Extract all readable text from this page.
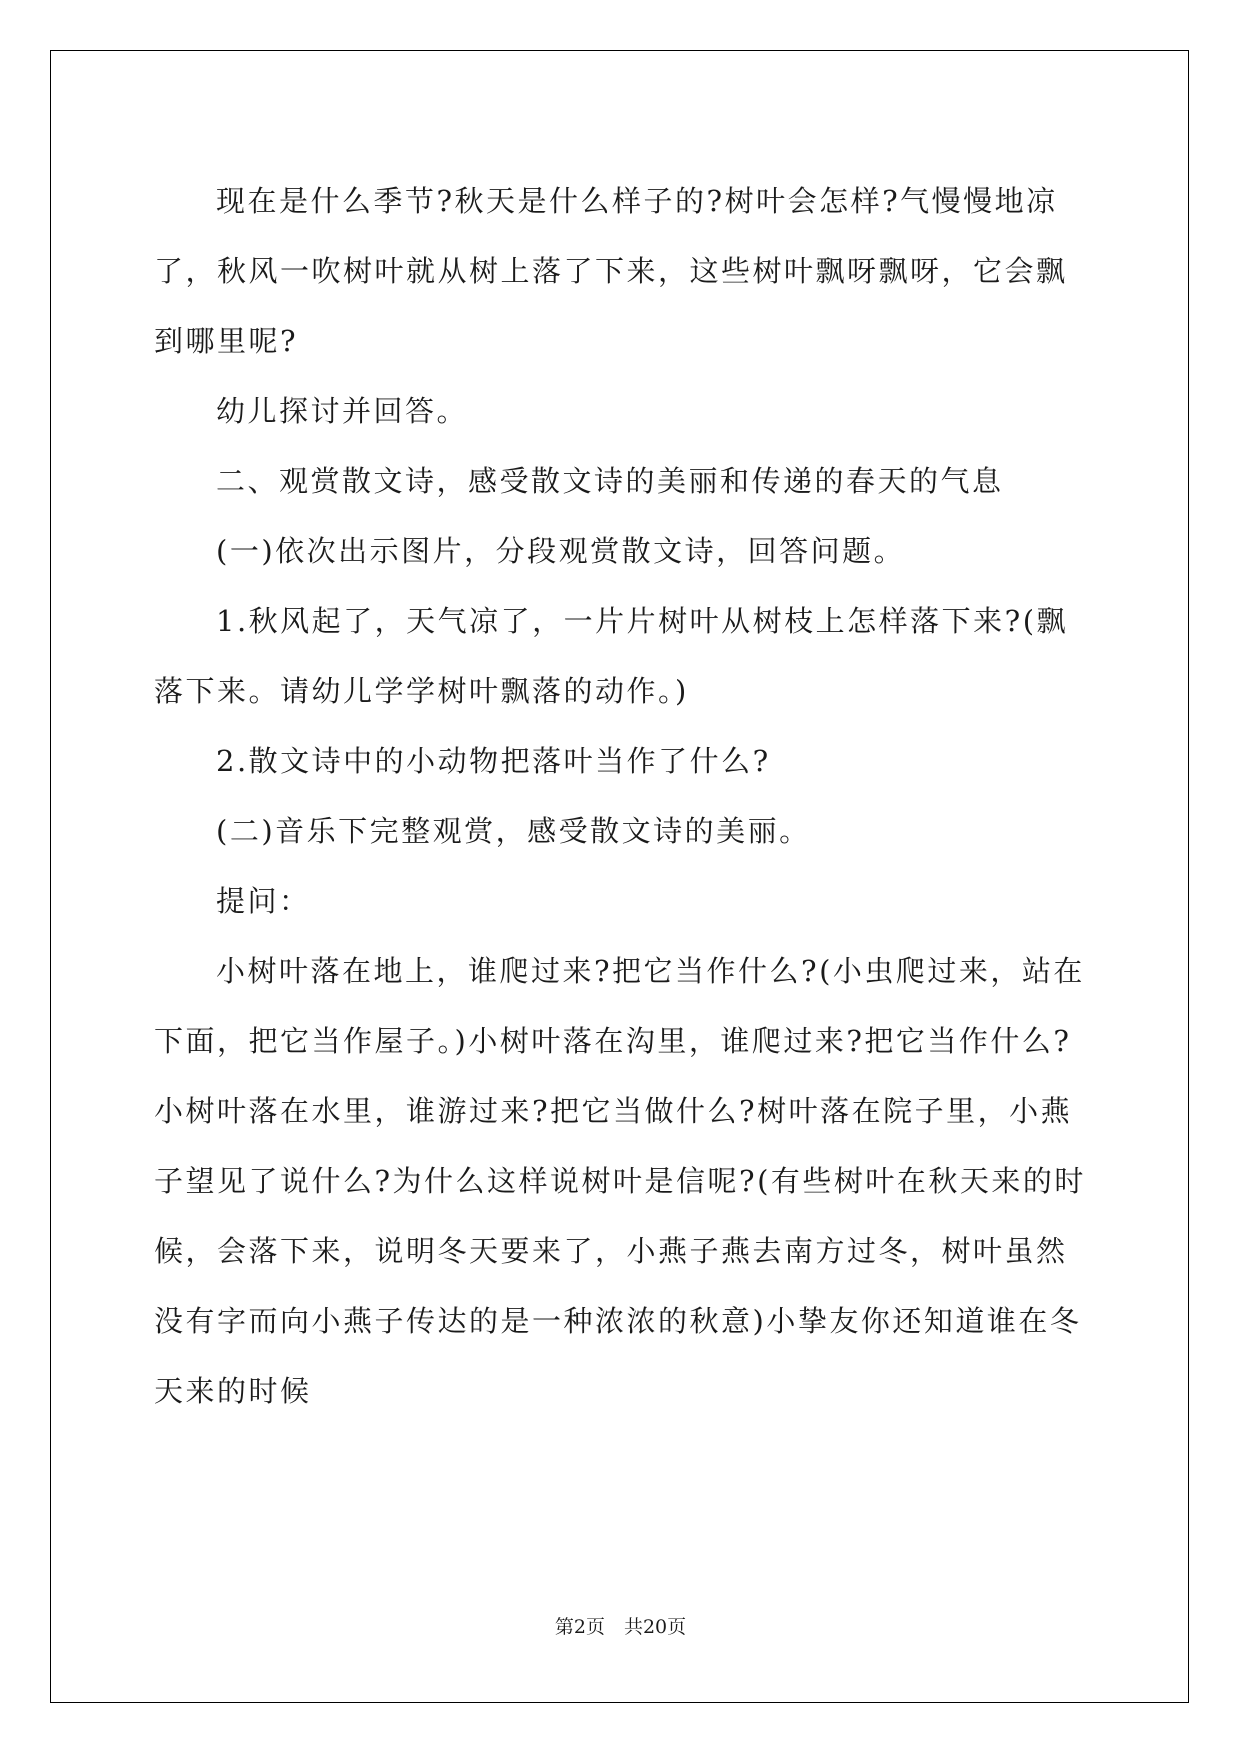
现在是什么季节?秋天是什么样子的?树叶会怎样?气慢慢地凉了，秋风一吹树叶就从树上落了下来，这些树叶飘呀飘呀，它会飘到哪里呢?

幼儿探讨并回答。

二、观赏散文诗，感受散文诗的美丽和传递的春天的气息

(一)依次出示图片，分段观赏散文诗，回答问题。

1.秋风起了，天气凉了，一片片树叶从树枝上怎样落下来?(飘落下来。请幼儿学学树叶飘落的动作。)

2.散文诗中的小动物把落叶当作了什么?

(二)音乐下完整观赏，感受散文诗的美丽。

提问：

小树叶落在地上，谁爬过来?把它当作什么?(小虫爬过来，站在下面，把它当作屋子。)小树叶落在沟里，谁爬过来?把它当作什么?小树叶落在水里，谁游过来?把它当做什么?树叶落在院子里，小燕子望见了说什么?为什么这样说树叶是信呢?(有些树叶在秋天来的时候，会落下来，说明冬天要来了，小燕子燕去南方过冬，树叶虽然没有字而向小燕子传达的是一种浓浓的秋意)小挚友你还知道谁在冬天来的时候

第2页　共20页
